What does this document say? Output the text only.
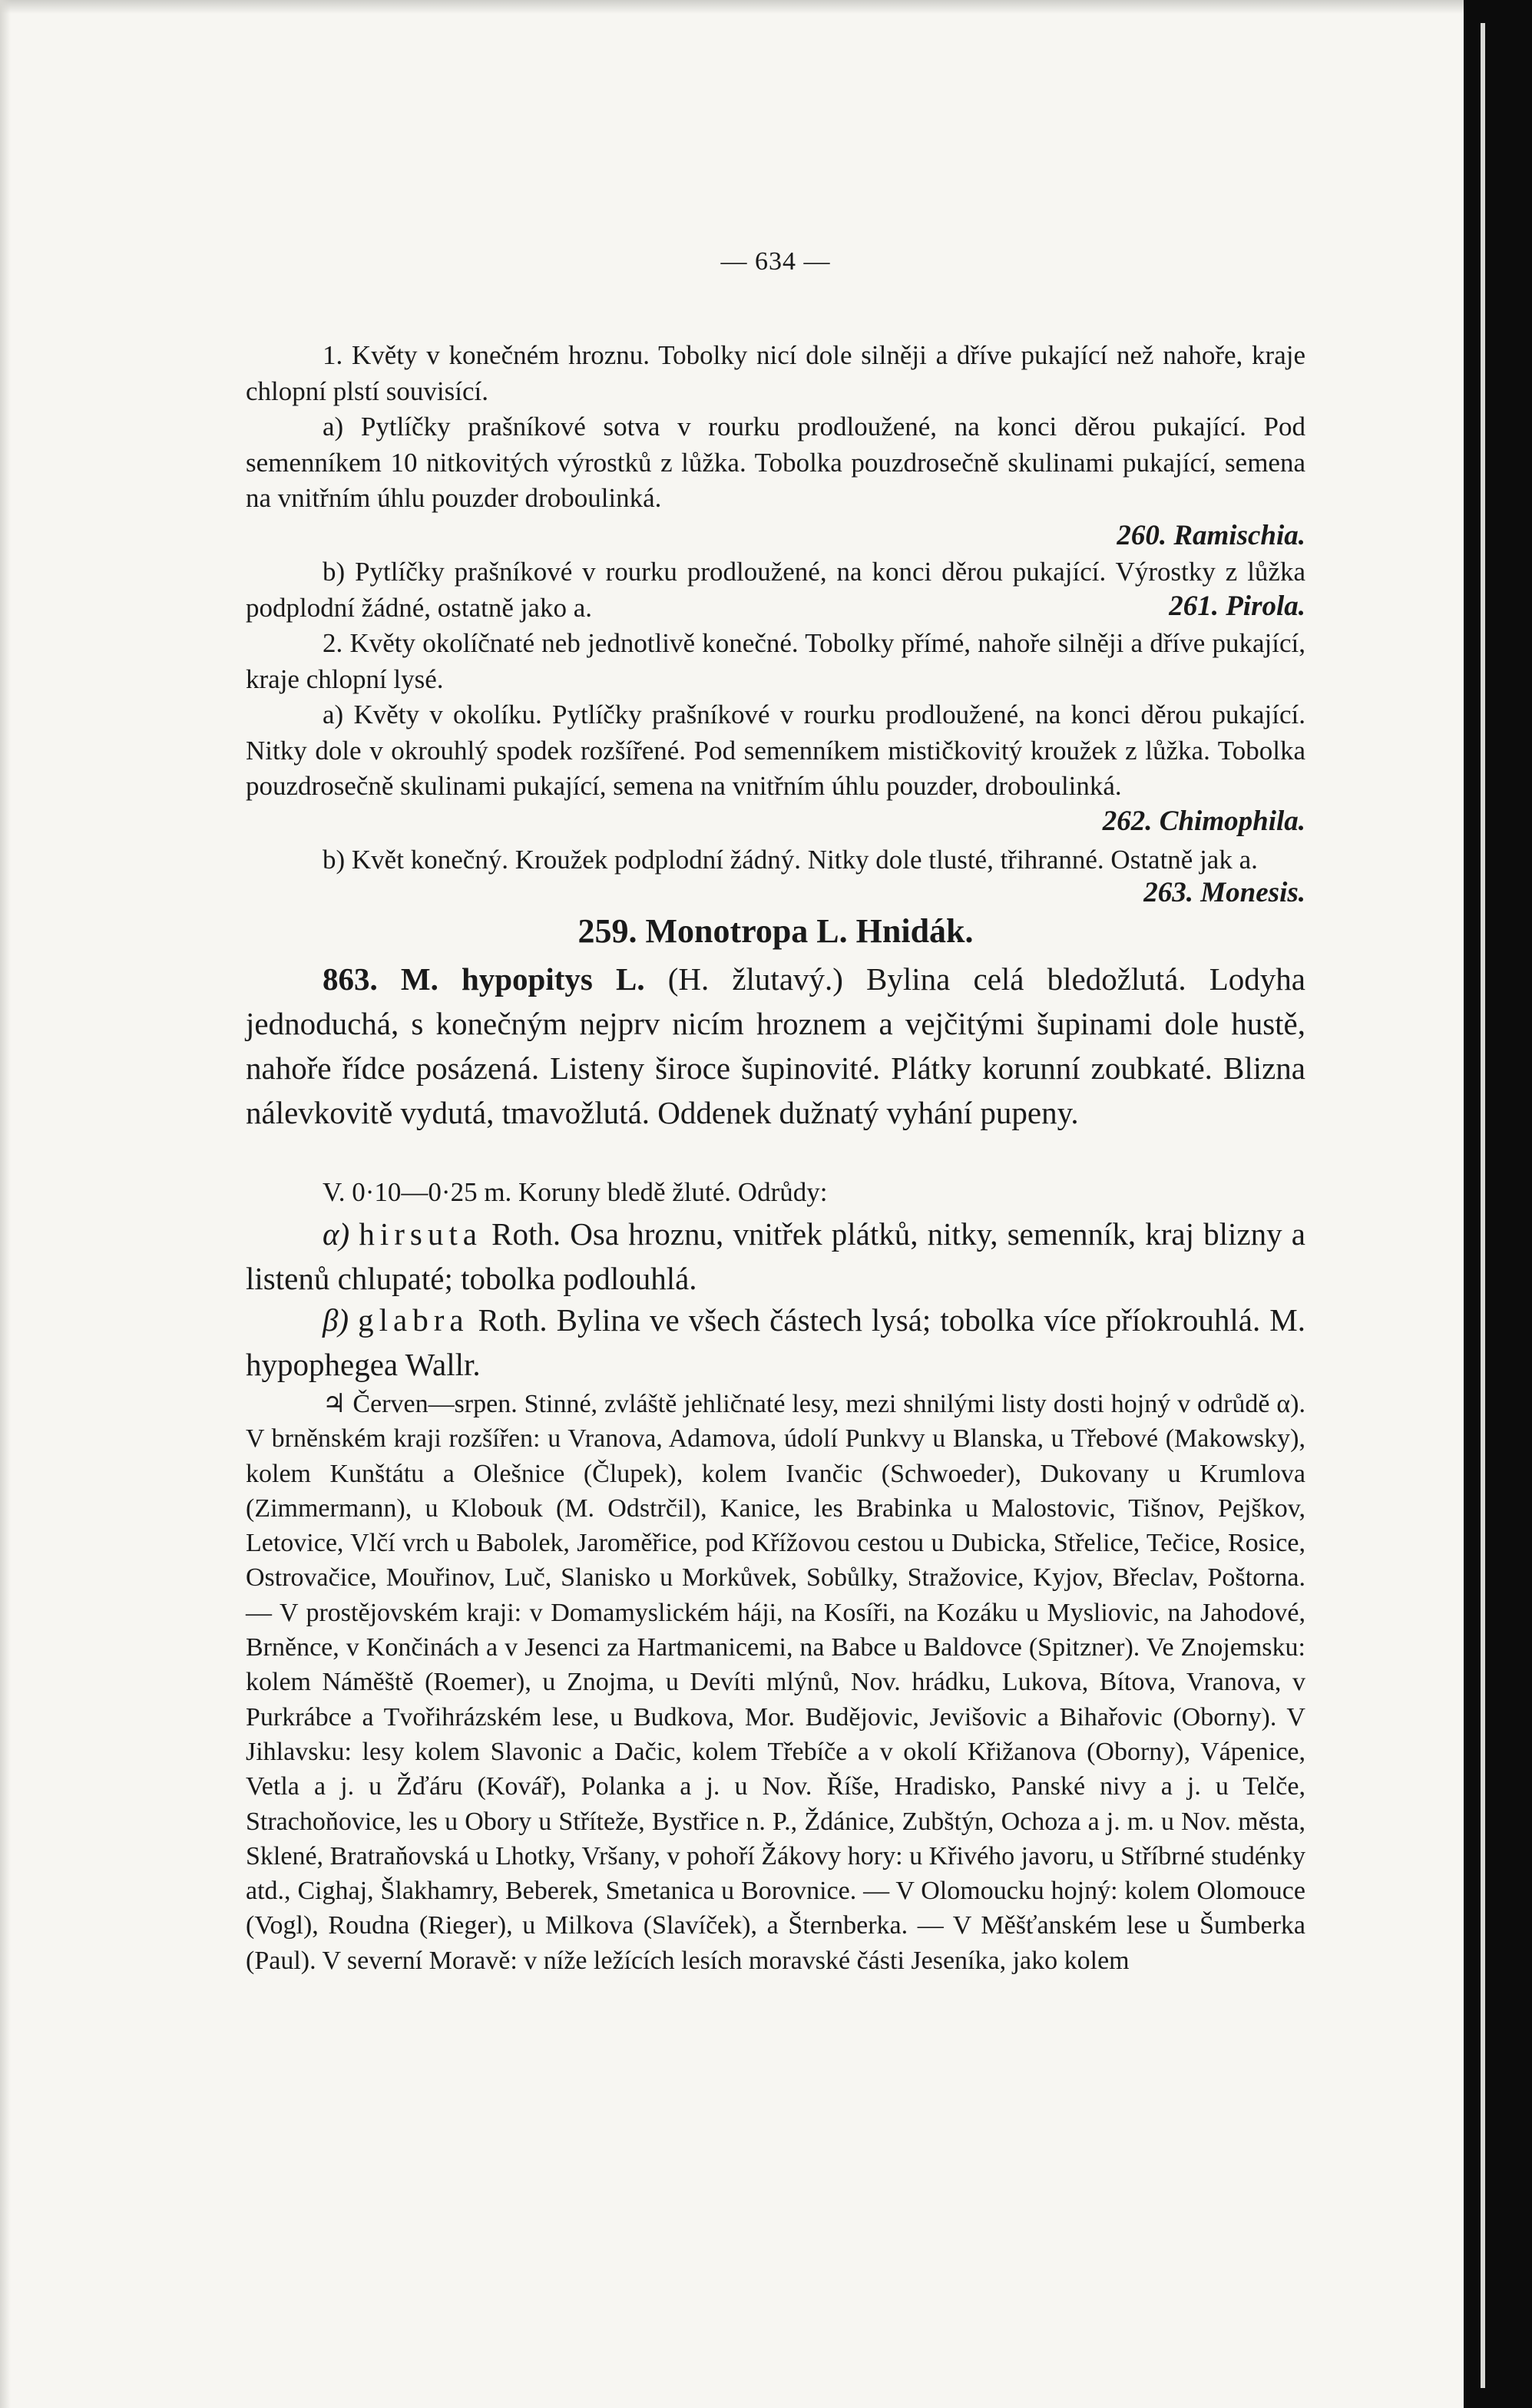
— 634 —
1. Květy v konečném hroznu. Tobolky nicí dole silněji a dříve pukající než nahoře, kraje chlopní plstí souvisící.
a) Pytlíčky prašníkové sotva v rourku prodloužené, na konci děrou pukající. Pod semenníkem 10 nitkovitých výrostků z lůžka. Tobolka pouzdrosečně skulinami pukající, semena na vnitřním úhlu pouzder droboulinká.
260. Ramischia.
b) Pytlíčky prašníkové v rourku prodloužené, na konci děrou pukající. Výrostky z lůžka podplodní žádné, ostatně jako a.	261. Pirola.
2. Květy okolíčnaté neb jednotlivě konečné. Tobolky přímé, nahoře silněji a dříve pukající, kraje chlopní lysé.
a) Květy v okolíku. Pytlíčky prašníkové v rourku prodloužené, na konci děrou pukající. Nitky dole v okrouhlý spodek rozšířené. Pod semenníkem mističkovitý kroužek z lůžka. Tobolka pouzdrosečně skulinami pukající, semena na vnitřním úhlu pouzder, droboulinká.
262. Chimophila.
b) Květ konečný. Kroužek podplodní žádný. Nitky dole tlusté, třihranné. Ostatně jak a.
263. Monesis.
259. Monotropa L. Hnidák.
863. M. hypopitys L. (H. žlutavý.) Bylina celá bledožlutá. Lodyha jednoduchá, s konečným nejprv nicím hroznem a vejčitými šupinami dole hustě, nahoře řídce posázená. Listeny široce šupinovité. Plátky korunní zoubkaté. Blizna nálevkovitě vydutá, tmavožlutá. Oddenek dužnatý vyhání pupeny.
V. 0·10—0·25 m. Koruny bledě žluté. Odrůdy:
α) hirsuta Roth. Osa hroznu, vnitřek plátků, nitky, semenník, kraj blizny a listenů chlupaté; tobolka podlouhlá.
β) glabra Roth. Bylina ve všech částech lysá; tobolka více příokrouhlá. M. hypophegea Wallr.
♃ Červen—srpen. Stinné, zvláště jehličnaté lesy, mezi shnilými listy dosti hojný v odrůdě α). V brněnském kraji rozšířen: u Vranova, Adamova, údolí Punkvy u Blanska, u Třebové (Makowsky), kolem Kunštátu a Olešnice (Člupek), kolem Ivančic (Schwoeder), Dukovany u Krumlova (Zimmermann), u Klobouk (M. Odstrčil), Kanice, les Brabinka u Malostovic, Tišnov, Pejškov, Letovice, Vlčí vrch u Babolek, Jaroměřice, pod Křížovou cestou u Dubicka, Střelice, Tečice, Rosice, Ostrovačice, Mouřinov, Luč, Slanisko u Morkůvek, Sobůlky, Stražovice, Kyjov, Břeclav, Poštorna. — V prostějovském kraji: v Domamyslickém háji, na Kosíři, na Kozáku u Mysliovic, na Jahodové, Brněnce, v Končinách a v Jesenci za Hartmanicemi, na Babce u Baldovce (Spitzner). Ve Znojemsku: kolem Náměště (Roemer), u Znojma, u Devíti mlýnů, Nov. hrádku, Lukova, Bítova, Vranova, v Purkrábce a Tvořihrázském lese, u Budkova, Mor. Budějovic, Jevišovic a Bihařovic (Oborny). V Jihlavsku: lesy kolem Slavonic a Dačic, kolem Třebíče a v okolí Křižanova (Oborny), Vápenice, Vetla a j. u Žďáru (Kovář), Polanka a j. u Nov. Říše, Hradisko, Panské nivy a j. u Telče, Strachoňovice, les u Obory u Stříteže, Bystřice n. P., Ždánice, Zubštýn, Ochoza a j. m. u Nov. města, Sklené, Bratraňovská u Lhotky, Vršany, v pohoří Žákovy hory: u Křivého javoru, u Stříbrné studénky atd., Cighaj, Šlakhamry, Beberek, Smetanica u Borovnice. — V Olomoucku hojný: kolem Olomouce (Vogl), Roudna (Rieger), u Milkova (Slavíček), a Šternberka. — V Měšťanském lese u Šumberka (Paul). V severní Moravě: v níže ležících lesích moravské části Jeseníka, jako kolem
